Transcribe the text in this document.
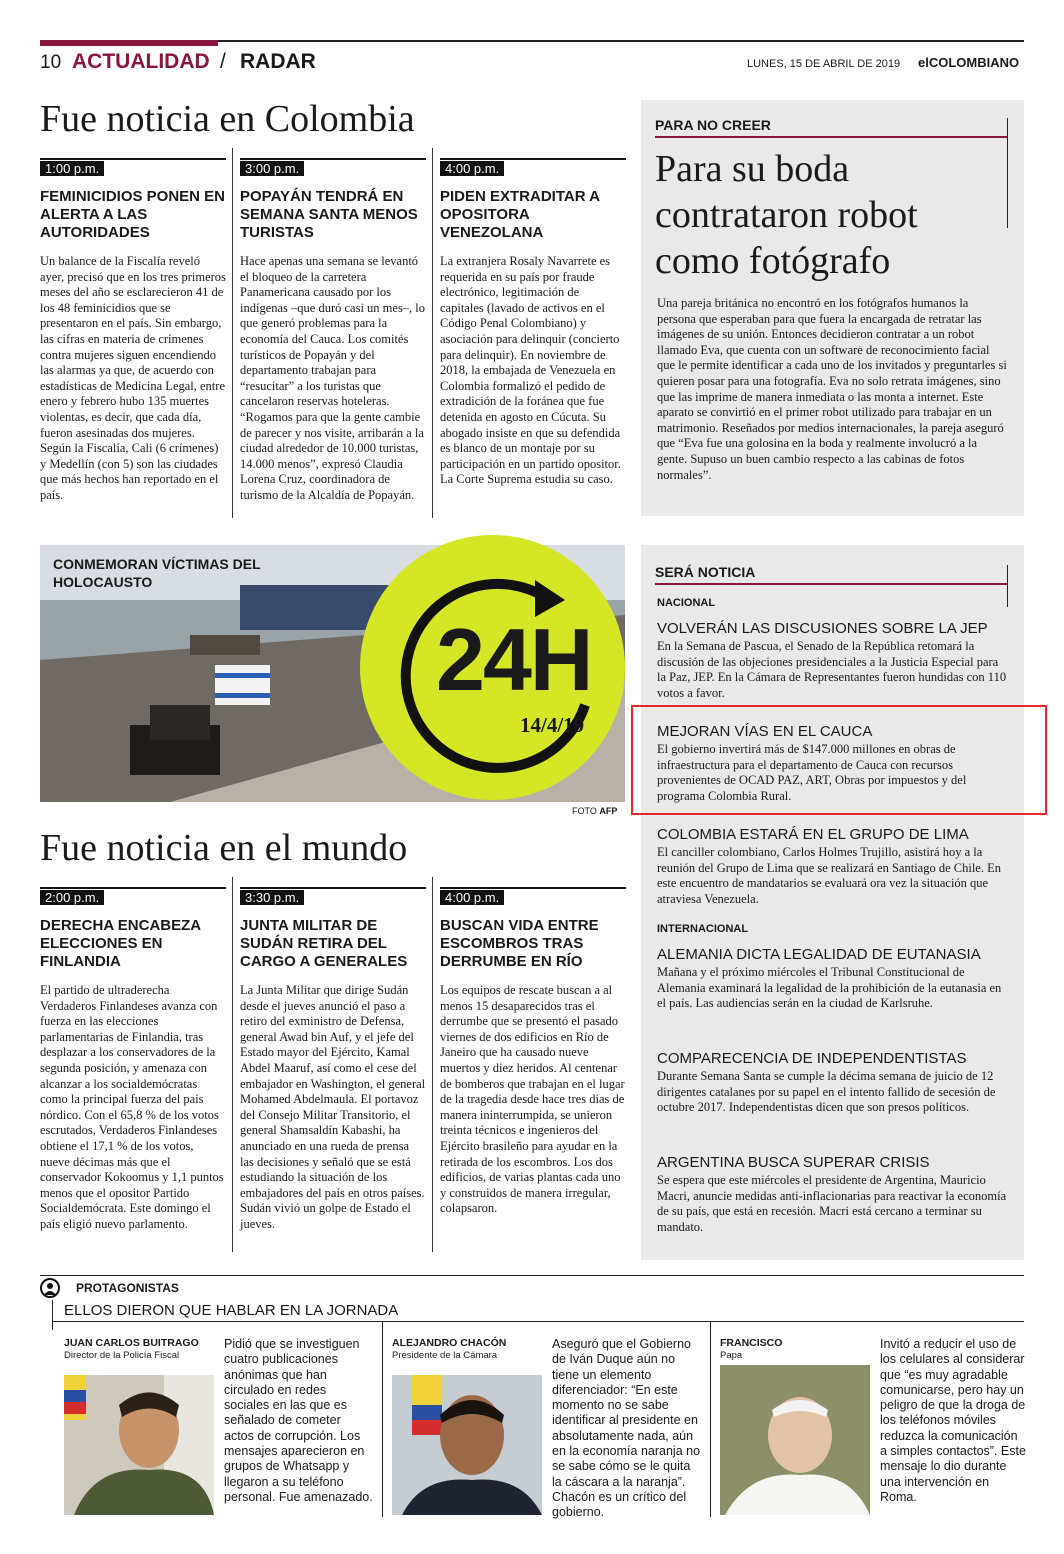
10 ACTUALIDAD / RADAR	LUNES, 15 DE ABRIL DE 2019 elCOLOMBIANO
Fue noticia en Colombia
1:00 p.m.
FEMINICIDIOS PONEN EN ALERTA A LAS AUTORIDADES
Un balance de la Fiscalía reveló ayer, precisó que en los tres primeros meses del año se esclarecieron 41 de los 48 feminicidios que se presentaron en el país. Sin embargo, las cifras en materia de crímenes contra mujeres siguen encendiendo las alarmas ya que, de acuerdo con estadísticas de Medicina Legal, entre enero y febrero hubo 135 muertes violentas, es decir, que cada día, fueron asesinadas dos mujeres. Según la Fiscalía, Cali (6 crímenes) y Medellín (con 5) son las ciudades que más hechos han reportado en el país.
3:00 p.m.
POPAYÁN TENDRÁ EN SEMANA SANTA MENOS TURISTAS
Hace apenas una semana se levantó el bloqueo de la carretera Panamericana causado por los indígenas –que duró casi un mes–, lo que generó problemas para la economía del Cauca. Los comités turísticos de Popayán y del departamento trabajan para “resucitar” a los turistas que cancelaron reservas hoteleras. “Rogamos para que la gente cambie de parecer y nos visite, arribarán a la ciudad alrededor de 10.000 turistas, 14.000 menos”, expresó Claudia Lorena Cruz, coordinadora de turismo de la Alcaldía de Popayán.
4:00 p.m.
PIDEN EXTRADITAR A OPOSITORA VENEZOLANA
La extranjera Rosaly Navarrete es requerida en su país por fraude electrónico, legitimación de capitales (lavado de activos en el Código Penal Colombiano) y asociación para delinquir (concierto para delinquir). En noviembre de 2018, la embajada de Venezuela en Colombia formalizó el pedido de extradición de la foránea que fue detenida en agosto en Cúcuta. Su abogado insiste en que su defendida es blanco de un montaje por su participación en un partido opositor. La Corte Suprema estudia su caso.
PARA NO CREER
Para su boda contrataron robot como fotógrafo
Una pareja británica no encontró en los fotógrafos humanos la persona que esperaban para que fuera la encargada de retratar las imágenes de su unión. Entonces decidieron contratar a un robot llamado Eva, que cuenta con un software de reconocimiento facial que le permite identificar a cada uno de los invitados y preguntarles si quieren posar para una fotografía. Eva no solo retrata imágenes, sino que las imprime de manera inmediata o las monta a internet. Este aparato se convirtió en el primer robot utilizado para trabajar en un matrimonio. Reseñados por medios internacionales, la pareja aseguró que “Eva fue una golosina en la boda y realmente involucró a la gente. Supuso un buen cambio respecto a las cabinas de fotos normales”.
CONMEMORAN VÍCTIMAS DEL HOLOCAUSTO
24H
14/4/19
FOTO AFP
SERÁ NOTICIA
NACIONAL
VOLVERÁN LAS DISCUSIONES SOBRE LA JEP
En la Semana de Pascua, el Senado de la República retomará la discusión de las objeciones presidenciales a la Justicia Especial para la Paz, JEP. En la Cámara de Representantes fueron hundidas con 110 votos a favor.
MEJORAN VÍAS EN EL CAUCA
El gobierno invertirá más de $147.000 millones en obras de infraestructura para el departamento de Cauca con recursos provenientes de OCAD PAZ, ART, Obras por impuestos y del programa Colombia Rural.
COLOMBIA ESTARÁ EN EL GRUPO DE LIMA
El canciller colombiano, Carlos Holmes Trujillo, asistirá hoy a la reunión del Grupo de Lima que se realizará en Santiago de Chile. En este encuentro de mandatarios se evaluará ora vez la situación que atraviesa Venezuela.
INTERNACIONAL
ALEMANIA DICTA LEGALIDAD DE EUTANASIA
Mañana y el próximo miércoles el Tribunal Constitucional de Alemania examinará la legalidad de la prohibición de la eutanasia en el país. Las audiencias serán en la ciudad de Karlsruhe.
COMPARECENCIA DE INDEPENDENTISTAS
Durante Semana Santa se cumple la décima semana de juicio de 12 dirigentes catalanes por su papel en el intento fallido de secesión de octubre 2017. Independentistas dicen que son presos políticos.
ARGENTINA BUSCA SUPERAR CRISIS
Se espera que este miércoles el presidente de Argentina, Mauricio Macri, anuncie medidas anti-inflacionarias para reactivar la economía de su país, que está en recesión. Macri está cercano a terminar su mandato.
Fue noticia en el mundo
2:00 p.m.
DERECHA ENCABEZA ELECCIONES EN FINLANDIA
El partido de ultraderecha Verdaderos Finlandeses avanza con fuerza en las elecciones parlamentarias de Finlandia, tras desplazar a los conservadores de la segunda posición, y amenaza con alcanzar a los socialdemócratas como la principal fuerza del país nórdico. Con el 65,8 % de los votos escrutados, Verdaderos Finlandeses obtiene el 17,1 % de los votos, nueve décimas más que el conservador Kokoomus y 1,1 puntos menos que el opositor Partido Socialdemócrata. Este domingo el país eligió nuevo parlamento.
3:30 p.m.
JUNTA MILITAR DE SUDÁN RETIRA DEL CARGO A GENERALES
La Junta Militar que dirige Sudán desde el jueves anunció el paso a retiro del exministro de Defensa, general Awad bin Auf, y el jefe del Estado mayor del Ejército, Kamal Abdel Maaruf, así como el cese del embajador en Washington, el general Mohamed Abdelmaula. El portavoz del Consejo Militar Transitorio, el general Shamsaldín Kabashi, ha anunciado en una rueda de prensa las decisiones y señaló que se está estudiando la situación de los embajadores del país en otros países. Sudán vivió un golpe de Estado el jueves.
4:00 p.m.
BUSCAN VIDA ENTRE ESCOMBROS TRAS DERRUMBE EN RÍO
Los equipos de rescate buscan a al menos 15 desaparecidos tras el derrumbe que se presentó el pasado viernes de dos edificios en Río de Janeiro que ha causado nueve muertos y diez heridos. Al centenar de bomberos que trabajan en el lugar de la tragedia desde hace tres días de manera ininterrumpida, se unieron treinta técnicos e ingenieros del Ejército brasileño para ayudar en la retirada de los escombros. Los dos edificios, de varias plantas cada uno y construidos de manera irregular, colapsaron.
PROTAGONISTAS
ELLOS DIERON QUE HABLAR EN LA JORNADA
JUAN CARLOS BUITRAGO
Director de la Policía Fiscal
Pidió que se investiguen cuatro publicaciones anónimas que han circulado en redes sociales en las que es señalado de cometer actos de corrupción. Los mensajes aparecieron en grupos de Whatsapp y llegaron a su teléfono personal. Fue amenazado.
ALEJANDRO CHACÓN
Presidente de la Cámara
Aseguró que el Gobierno de Iván Duque aún no tiene un elemento diferenciador: “En este momento no se sabe identificar al presidente en absolutamente nada, aún en la economía naranja no se sabe cómo se le quita la cáscara a la naranja”. Chacón es un crítico del gobierno.
FRANCISCO
Papa
Invitó a reducir el uso de los celulares al considerar que “es muy agradable comunicarse, pero hay un peligro de que la droga de los teléfonos móviles reduzca la comunicación a simples contactos”. Este mensaje lo dio durante una intervención en Roma.
